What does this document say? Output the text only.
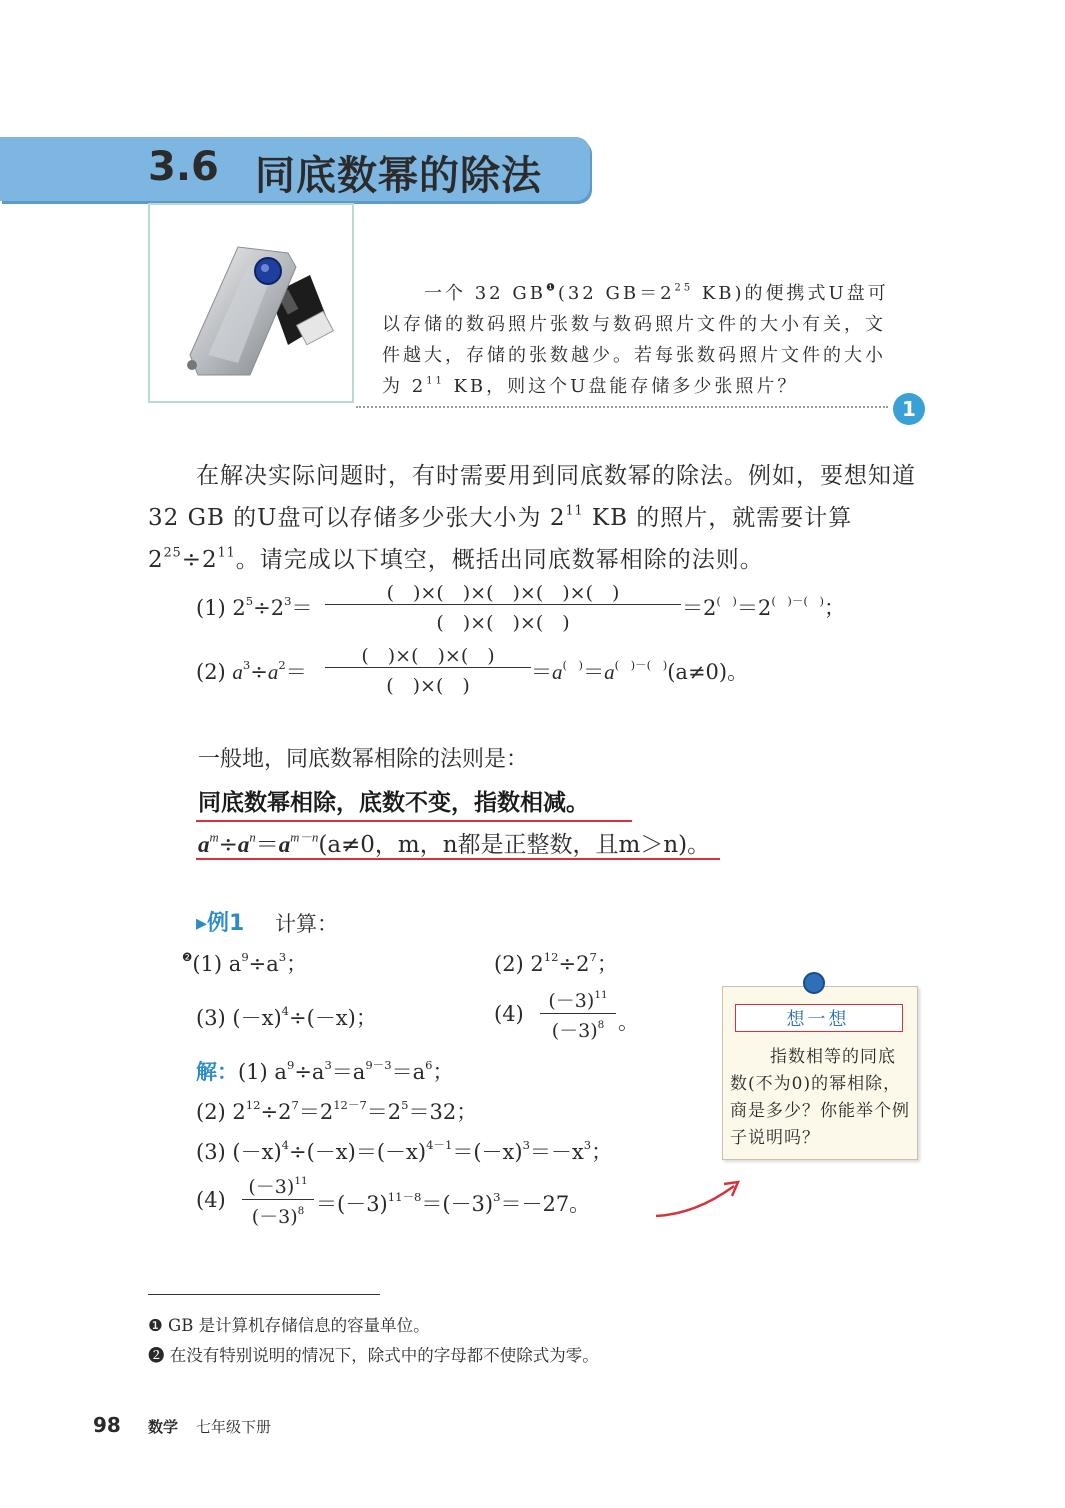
3.6 同底数幂的除法
一个 32 $GB^❶(32$ $GB=2^{25}$ KB)的便携式U盘可以存储的数码照片张数与数码照片文件的大小有关，文件越大，存储的张数越少。若每张数码照片文件的大小为 $2^{11}$ KB，则这个U盘能存储多少张照片？
1
在解决实际问题时，有时需要用到同底数幂的除法。例如，要想知道 32 GB 的U盘可以存储多少张大小为 $2^{11}$ KB 的照片，就需要计算 $2^{25}\div 2^{11}$。请完成以下填空，概括出同底数幂相除的法则。
(1) $2^5\div 2^3=$
(　)×(　)×(　)×(　)×(　)
(　)×(　)×(　)
＝2(　)＝2(　)－(　)；
(2) $a^3\div a^2=$
(　)×(　)×(　)
(　)×(　)
＝a(　)＝a(　)－(　)(a≠0)。
一般地，同底数幂相除的法则是：
同底数幂相除，底数不变，指数相减。
$a^m\div a^n=a^{m-n}(a\ne 0$，m，n都是正整数，且m＞n)。
▸例1 计算：
$^❷$(1) $a^9\div a^3$；	(2) $2^{12}\div 2^7$；
(3) $(-x)^4\div(-x)$；	(4)
$(-3)^{11}$
$(-3)^8$ 。
解：(1) $a^9\div a^3=a^{9-3}=a^6$；
(2) $2^{12}\div 2^7=2^{12-7}=2^5=32$；
(3) $(-x)^4\div(-x)=(-x)^{4-1}=(-x)^3=-x^3$；
(4)
$(-3)^{11}$
$(-3)^8 =(-3)^{11-8}=(-3)^3=-27$。
想一想
指数相等的同底数(不为0)的幂相除，商是多少？你能举个例子说明吗？
❶ GB 是计算机存储信息的容量单位。
❷ 在没有特别说明的情况下，除式中的字母都不使除式为零。
98 数学 七年级下册
